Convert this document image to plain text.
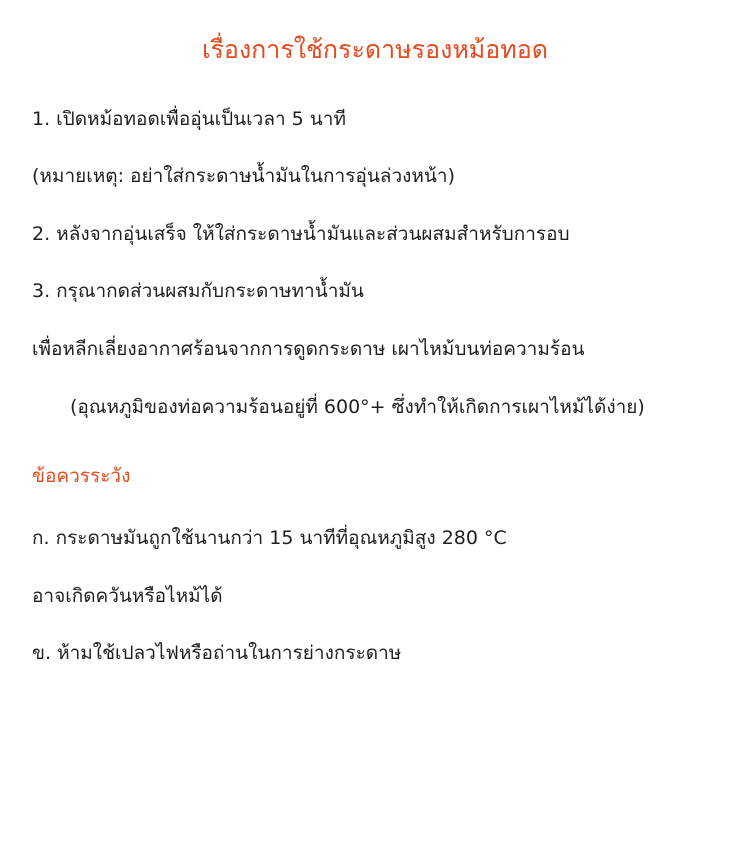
เรื่องการใช้กระดาษรองหม้อทอด

1. เปิดหม้อทอดเพื่ออุ่นเป็นเวลา 5 นาที

(หมายเหตุ: อย่าใส่กระดาษน้ำมันในการอุ่นล่วงหน้า)

2. หลังจากอุ่นเสร็จ ให้ใส่กระดาษน้ำมันและส่วนผสมสำหรับการอบ

3. กรุณากดส่วนผสมกับกระดาษทาน้ำมัน

เพื่อหลีกเลี่ยงอากาศร้อนจากการดูดกระดาษ เผาไหม้บนท่อความร้อน

(อุณหภูมิของท่อความร้อนอยู่ที่ 600°+ ซึ่งทำให้เกิดการเผาไหม้ได้ง่าย)

ข้อควรระวัง

ก. กระดาษมันถูกใช้นานกว่า 15 นาทีที่อุณหภูมิสูง 280 °C

อาจเกิดควันหรือไหม้ได้

ข. ห้ามใช้เปลวไฟหรือถ่านในการย่างกระดาษ
